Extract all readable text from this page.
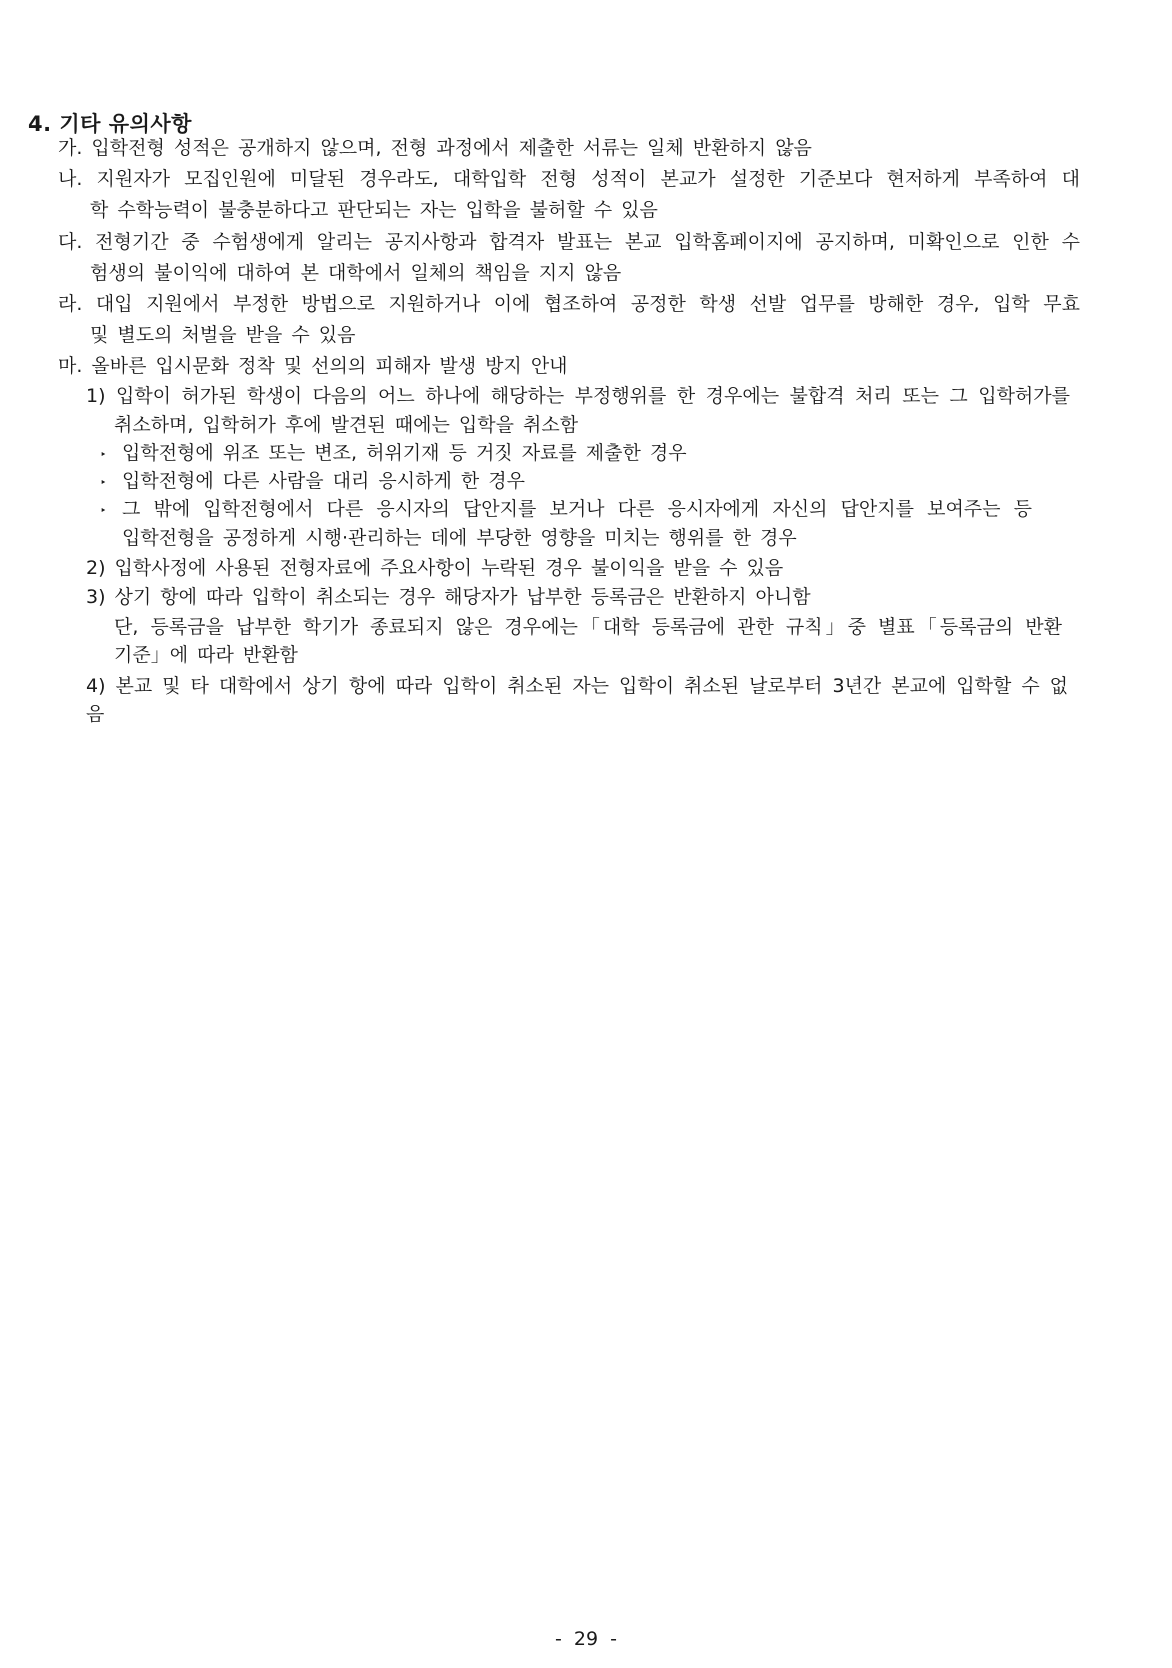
4. 기타 유의사항
가. 입학전형 성적은 공개하지 않으며, 전형 과정에서 제출한 서류는 일체 반환하지 않음
나. 지원자가 모집인원에 미달된 경우라도, 대학입학 전형 성적이 본교가 설정한 기준보다 현저하게 부족하여 대
학 수학능력이 불충분하다고 판단되는 자는 입학을 불허할 수 있음
다. 전형기간 중 수험생에게 알리는 공지사항과 합격자 발표는 본교 입학홈페이지에 공지하며, 미확인으로 인한 수
험생의 불이익에 대하여 본 대학에서 일체의 책임을 지지 않음
라. 대입 지원에서 부정한 방법으로 지원하거나 이에 협조하여 공정한 학생 선발 업무를 방해한 경우, 입학 무효
및 별도의 처벌을 받을 수 있음
마. 올바른 입시문화 정착 및 선의의 피해자 발생 방지 안내
1) 입학이 허가된 학생이 다음의 어느 하나에 해당하는 부정행위를 한 경우에는 불합격 처리 또는 그 입학허가를
취소하며, 입학허가 후에 발견된 때에는 입학을 취소함
‣ 입학전형에 위조 또는 변조, 허위기재 등 거짓 자료를 제출한 경우
‣ 입학전형에 다른 사람을 대리 응시하게 한 경우
‣ 그 밖에 입학전형에서 다른 응시자의 답안지를 보거나 다른 응시자에게 자신의 답안지를 보여주는 등
입학전형을 공정하게 시행·관리하는 데에 부당한 영향을 미치는 행위를 한 경우
2) 입학사정에 사용된 전형자료에 주요사항이 누락된 경우 불이익을 받을 수 있음
3) 상기 항에 따라 입학이 취소되는 경우 해당자가 납부한 등록금은 반환하지 아니함
단, 등록금을 납부한 학기가 종료되지 않은 경우에는「대학 등록금에 관한 규칙」중 별표「등록금의 반환
기준」에 따라 반환함
4) 본교 및 타 대학에서 상기 항에 따라 입학이 취소된 자는 입학이 취소된 날로부터 3년간 본교에 입학할 수 없음
- 29 -
